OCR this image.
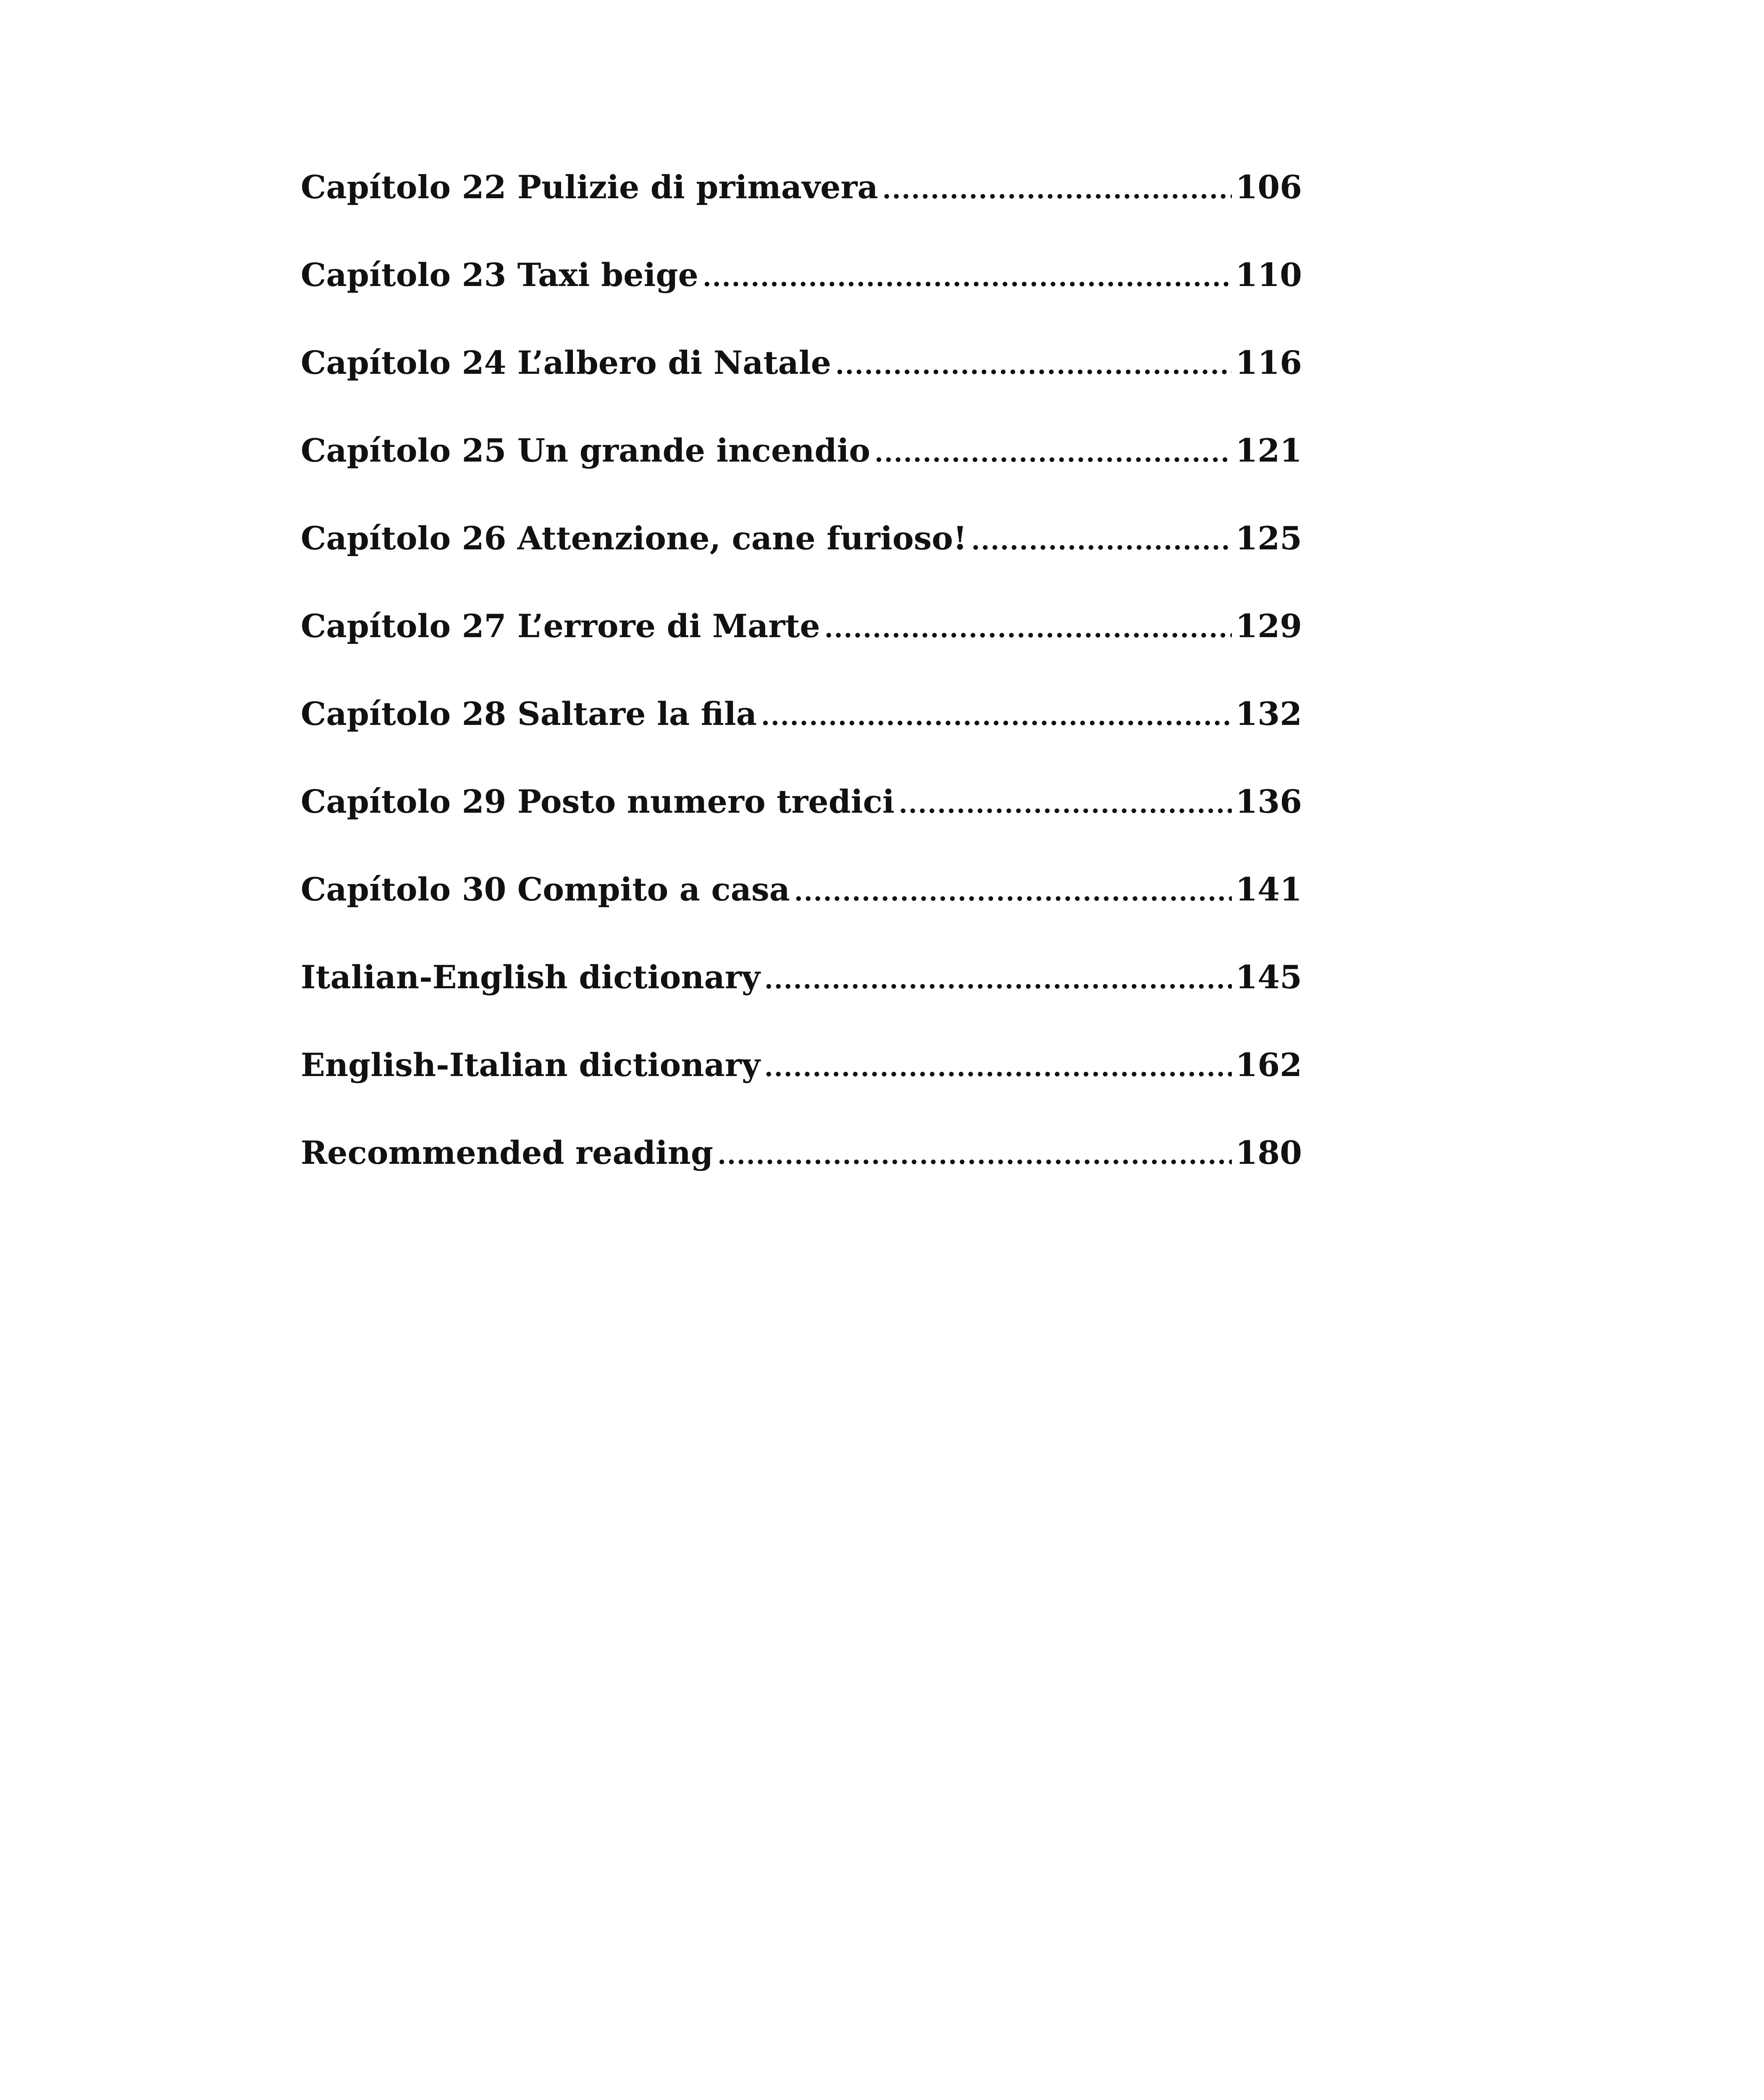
Capítolo 22 Pulizie di primavera .....	106
Capítolo 23 Taxi beige .....	110
Capítolo 24 L’albero di Natale .....	116
Capítolo 25 Un grande incendio .....	121
Capítolo 26 Attenzione, cane furioso! .....	125
Capítolo 27 L’errore di Marte .....	129
Capítolo 28 Saltare la fila .....	132
Capítolo 29 Posto numero tredici .....	136
Capítolo 30 Compito a casa .....	141
Italian-English dictionary .....	145
English-Italian dictionary .....	162
Recommended reading .....	180
